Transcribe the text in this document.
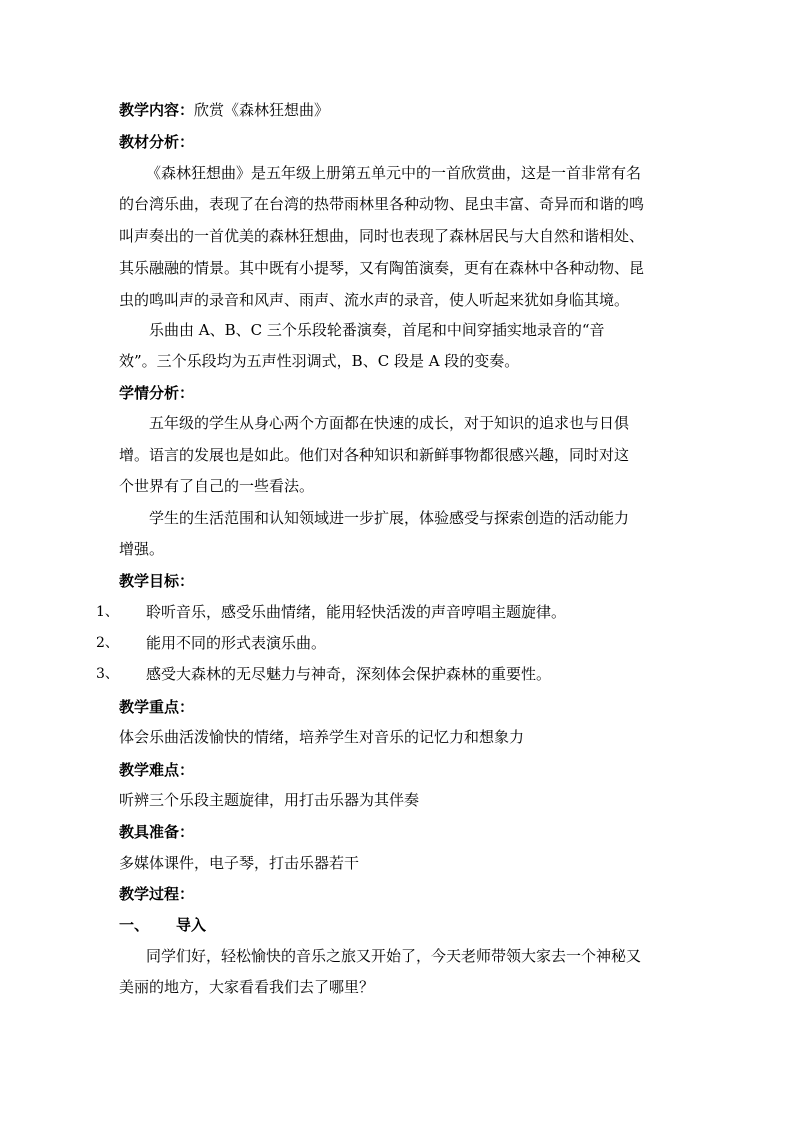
教学内容：欣赏《森林狂想曲》
教材分析：
《森林狂想曲》是五年级上册第五单元中的一首欣赏曲，这是一首非常有名
的台湾乐曲，表现了在台湾的热带雨林里各种动物、昆虫丰富、奇异而和谐的鸣
叫声奏出的一首优美的森林狂想曲，同时也表现了森林居民与大自然和谐相处、
其乐融融的情景。其中既有小提琴，又有陶笛演奏，更有在森林中各种动物、昆
虫的鸣叫声的录音和风声、雨声、流水声的录音，使人听起来犹如身临其境。
乐曲由 A、B、C 三个乐段轮番演奏，首尾和中间穿插实地录音的“音
效”。三个乐段均为五声性羽调式，B、C 段是 A 段的变奏。
学情分析：
五年级的学生从身心两个方面都在快速的成长，对于知识的追求也与日俱
增。语言的发展也是如此。他们对各种知识和新鲜事物都很感兴趣，同时对这
个世界有了自己的一些看法。
学生的生活范围和认知领域进一步扩展，体验感受与探索创造的活动能力
增强。
教学目标：
1、 聆听音乐，感受乐曲情绪，能用轻快活泼的声音哼唱主题旋律。
2、 能用不同的形式表演乐曲。
3、 感受大森林的无尽魅力与神奇，深刻体会保护森林的重要性。
教学重点：
体会乐曲活泼愉快的情绪，培养学生对音乐的记忆力和想象力
教学难点：
听辨三个乐段主题旋律，用打击乐器为其伴奏
教具准备：
多媒体课件，电子琴，打击乐器若干
教学过程：
一、 导入
同学们好，轻松愉快的音乐之旅又开始了，今天老师带领大家去一个神秘又
美丽的地方，大家看看我们去了哪里？
